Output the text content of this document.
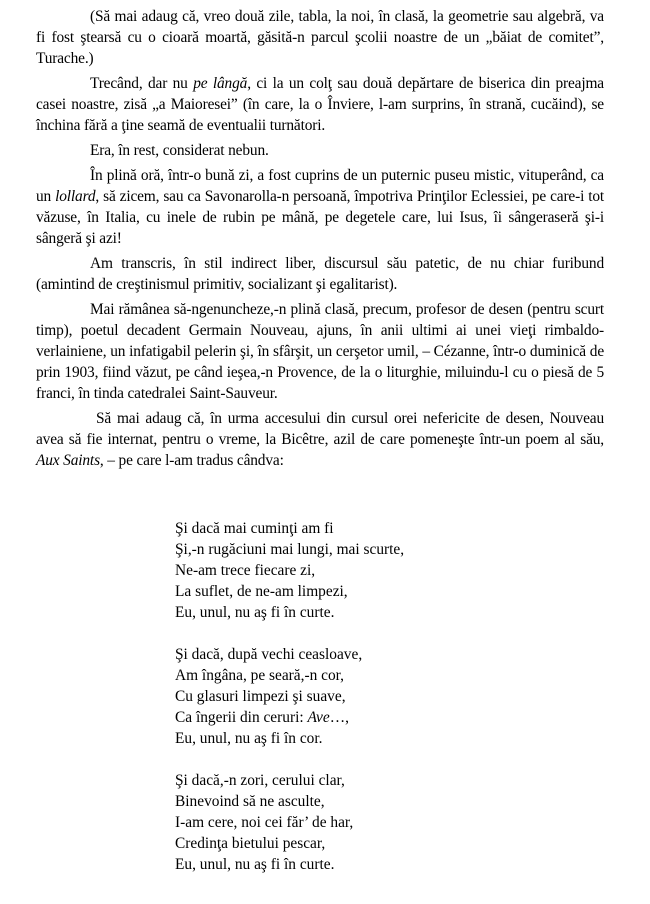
(Să mai adaug că, vreo două zile, tabla, la noi, în clasă, la geometrie sau algebră, va fi fost ştearsă cu o cioară moartă, găsită-n parcul şcolii noastre de un „băiat de comitet”, Turache.)

Trecând, dar nu pe lângă, ci la un colţ sau două depărtare de biserica din preajma casei noastre, zisă „a Maioresei” (în care, la o Înviere, l-am surprins, în strană, cucăind), se închina fără a ţine seamă de eventualii turnători.

Era, în rest, considerat nebun.

În plină oră, într-o bună zi, a fost cuprins de un puternic puseu mistic, vituperând, ca un lollard, să zicem, sau ca Savonarolla-n persoană, împotriva Prinţilor Eclessiei, pe care-i tot văzuse, în Italia, cu inele de rubin pe mână, pe degetele care, lui Isus, îi sângeraseră şi-i sângeră şi azi!

Am transcris, în stil indirect liber, discursul său patetic, de nu chiar furibund (amintind de creştinismul primitiv, socializant şi egalitarist).

Mai rămânea să-ngenuncheze,-n plină clasă, precum, profesor de desen (pentru scurt timp), poetul decadent Germain Nouveau, ajuns, în anii ultimi ai unei vieţi rimbaldo-verlainiene, un infatigabil pelerin şi, în sfârşit, un cerşetor umil, – Cézanne, într-o duminică de prin 1903, fiind văzut, pe când ieşea,-n Provence, de la o liturghie, miluindu-l cu o piesă de 5 franci, în tinda catedralei Saint-Sauveur.

Să mai adaug că, în urma accesului din cursul orei nefericite de desen, Nouveau avea să fie internat, pentru o vreme, la Bicêtre, azil de care pomeneşte într-un poem al său, Aux Saints, – pe care l-am tradus cândva:

Şi dacă mai cuminţi am fi
Şi,-n rugăciuni mai lungi, mai scurte,
Ne-am trece fiecare zi,
La suflet, de ne-am limpezi,
Eu, unul, nu aş fi în curte.
Şi dacă, după vechi ceasloave,
Am îngâna, pe seară,-n cor,
Cu glasuri limpezi şi suave,
Ca îngerii din ceruri: Ave…,
Eu, unul, nu aş fi în cor.
Şi dacă,-n zori, cerului clar,
Binevoind să ne asculte,
I-am cere, noi cei făr’ de har,
Credinţa bietului pescar,
Eu, unul, nu aş fi în curte.
